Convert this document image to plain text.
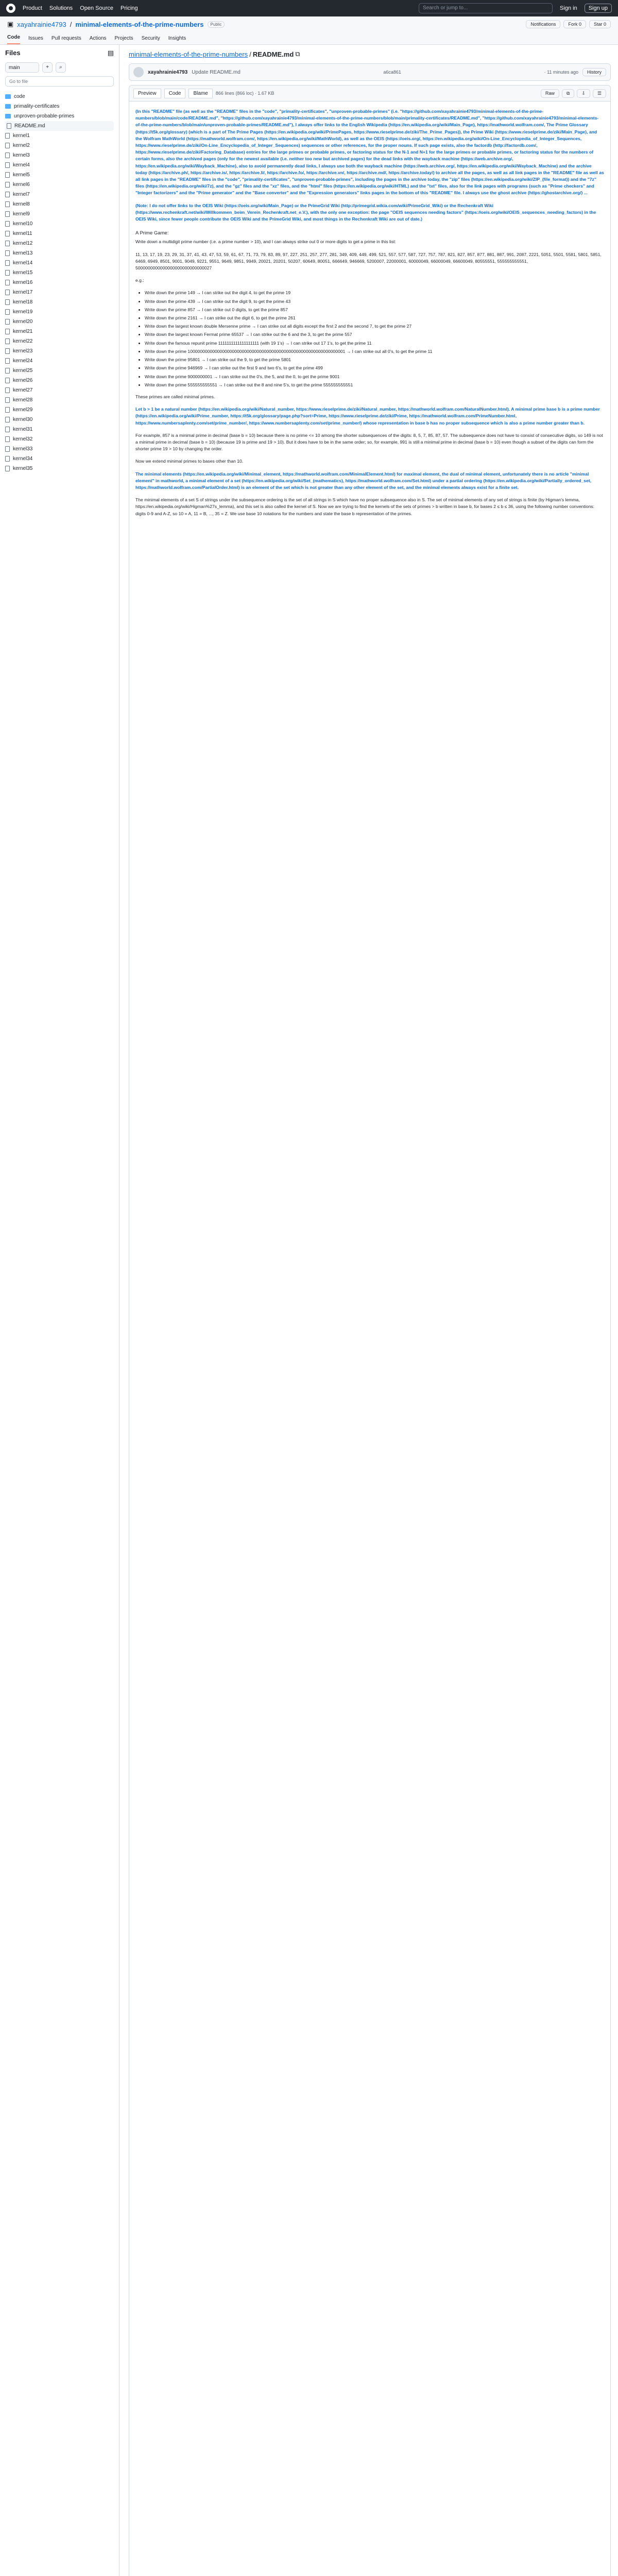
Product Solutions Open Source Pricing	Search or jump to...	Sign in	Sign up
▣ xayahrainie4793 / minimal-elements-of-the-prime-numbers	Public	Notifications	Fork 0	Star 0
Code Issues Pull requests Actions Projects Security Insights
Files	▤
main	+	⌕
Go to file
code
primality-certificates
unproven-probable-primes
README.md
kernel1
kernel2
kernel3
kernel4
kernel5
kernel6
kernel7
kernel8
kernel9
kernel10
kernel11
kernel12
kernel13
kernel14
kernel15
kernel16
kernel17
kernel18
kernel19
kernel20
kernel21
kernel22
kernel23
kernel24
kernel25
kernel26
kernel27
kernel28
kernel29
kernel30
kernel31
kernel32
kernel33
kernel34
kernel35
minimal-elements-of-the-prime-numbers / README.md ⧉
xayahrainie4793 Update README.md	a6ca861	· 11 minutes ago	History
Preview	Code	Blame	866 lines (866 loc) · 1.67 KB	Raw	⧉	⇩	☰

(In this "README" file (as well as the "README" files in the "code", "primality-certificates", "unproven-probable-primes" (i.e. "https://github.com/xayahrainie4793/minimal-elements-of-the-prime-numbers/blob/main/code/README.md", "https://github.com/xayahrainie4793/minimal-elements-of-the-prime-numbers/blob/main/primality-certificates/README.md", "https://github.com/xayahrainie4793/minimal-elements-of-the-prime-numbers/blob/main/unproven-probable-primes/README.md"), I always offer links to the English Wikipedia (https://en.wikipedia.org/wiki/Main_Page), https://mathworld.wolfram.com/, The Prime Glossary (https://t5k.org/glossary) (which is a part of The Prime Pages (https://en.wikipedia.org/wiki/PrimePages, https://www.rieselprime.de/ziki/The_Prime_Pages)), the Prime Wiki (https://www.rieselprime.de/ziki/Main_Page), and the Wolfram MathWorld (https://mathworld.wolfram.com/, https://en.wikipedia.org/wiki/MathWorld), as well as the OEIS (https://oeis.org/, https://en.wikipedia.org/wiki/On-Line_Encyclopedia_of_Integer_Sequences, https://www.rieselprime.de/ziki/On-Line_Encyclopedia_of_Integer_Sequences) sequences or other references, for the proper nouns. If such page exists, also the factordb (http://factordb.com/, https://www.rieselprime.de/ziki/Factoring_Database) entries for the large primes or probable primes, or factoring status for the N-1 and N+1 for the large primes or probable primes, or factoring status for the numbers of certain forms, also the archived pages (only for the newest available (i.e. neither too new but archived pages) for the dead links with the wayback machine (https://web.archive.org/, https://en.wikipedia.org/wiki/Wayback_Machine), also to avoid permanently dead links, I always use both the wayback machine (https://web.archive.org/, https://en.wikipedia.org/wiki/Wayback_Machine) and the archive today (https://archive.ph/, https://archive.is/, https://archive.li/, https://archive.fo/, https://archive.vn/, https://archive.md/, https://archive.today/) to archive all the pages, as well as all link pages in the "README" file as well as all link pages in the "README" files in the "code", "primality-certificates", "unproven-probable-primes", including the pages in the archive today, the "zip" files (https://en.wikipedia.org/wiki/ZIP_(file_format)) and the "7z" files (https://en.wikipedia.org/wiki/7z), and the "gz" files and the "xz" files, and the "html" files (https://en.wikipedia.org/wiki/HTML) and the "txt" files, also for the link pages with programs (such as "Prime checkers" and "Integer factorizers" and the "Prime generator" and the "Base converter" and the "Expression generators" links pages in the bottom of this "README" file. I always use the ghost archive (https://ghostarchive.org/) ...

(Note: I do not offer links to the OEIS Wiki (https://oeis.org/wiki/Main_Page) or the PrimeGrid Wiki (http://primegrid.wikia.com/wiki/PrimeGrid_Wiki) or the Rechenkraft Wiki (https://www.rechenkraft.net/wiki/Willkommen_beim_Verein_Rechenkraft.net_e.V.), with the only one exception: the page "OEIS sequences needing factors" (https://oeis.org/wiki/OEIS_sequences_needing_factors) in the OEIS Wiki, since fewer people contribute the OEIS Wiki and the PrimeGrid Wiki, and most things in the Rechenkraft Wiki are out of date.)

A Prime Game:

Write down a multidigit prime number (i.e. a prime number > 10), and I can always strike out 0 or more digits to get a prime in this list:

11, 13, 17, 19, 23, 29, 31, 37, 41, 43, 47, 53, 59, 61, 67, 71, 73, 79, 83, 89, 97, 227, 251, 257, 277, 281, 349, 409, 449, 499, 521, 557, 577, 587, 727, 757, 787, 821, 827, 857, 877, 881, 887, 991, 2087, 2221, 5051, 5501, 5581, 5801, 5851, 6469, 6949, 8501, 9001, 9049, 9221, 9551, 9649, 9851, 9949, 20021, 20201, 50207, 60649, 80051, 666649, 946669, 5200007, 22000001, 60000049, 66000049, 66600049, 80555551, 555555555551, 5000000000000000000000000000027

e.g.:

• Write down the prime 149 → I can strike out the digit 4, to get the prime 19
• Write down the prime 439 → I can strike out the digit 9, to get the prime 43
• Write down the prime 857 → I can strike out 0 digits, to get the prime 857
• Write down the prime 2161 → I can strike out the digit 6, to get the prime 261
• Write down the largest known double Mersenne prime → I can strike out all digits except the first 2 and the second 7, to get the prime 27
• Write down the largest known Fermat prime 65537 → I can strike out the 6 and the 3, to get the prime 557
• Write down the famous repunit prime 1111111111111111111 (with 19 1's) → I can strike out 17 1's, to get the prime 11
• Write down the prime 1000000000000000000000000000000000000000000000000000000000000001 → I can strike out all 0's, to get the prime 11
• Write down the prime 95801 → I can strike out the 9, to get the prime 5801
• Write down the prime 946969 → I can strike out the first 9 and two 6's, to get the prime 499
• Write down the prime 9000000001 → I can strike out the 0's, the 5, and the 0, to get the prime 9001
• Write down the prime 555555555551 → I can strike out the 8 and nine 5's, to get the prime 555555555551

These primes are called minimal primes.

Let b > 1 be a natural number (https://en.wikipedia.org/wiki/Natural_number, https://www.rieselprime.de/ziki/Natural_number, https://mathworld.wolfram.com/NaturalNumber.html). A minimal prime base b is a prime number (https://en.wikipedia.org/wiki/Prime_number, https://t5k.org/glossary/page.php?sort=Prime, https://www.rieselprime.de/ziki/Prime, https://mathworld.wolfram.com/PrimeNumber.html, https://www.numbersaplenty.com/set/prime_number/, https://www.numbersaplenty.com/set/prime_number/) whose representation in base b has no proper subsequence which is also a prime number greater than b.

For example, 857 is a minimal prime in decimal (base b = 10) because there is no prime <= 10 among the shorter subsequences of the digits: 8, 5, 7, 85, 87, 57. The subsequence does not have to consist of consecutive digits, so 149 is not a minimal prime in decimal (base b = 10) (because 19 is prime and 19 > 10). But it does have to be in the same order; so, for example, 991 is still a minimal prime in decimal (base b = 10) even though a subset of the digits can form the shorter prime 19 > 10 by changing the order.

Now we extend minimal primes to bases other than 10.

The minimal elements (https://en.wikipedia.org/wiki/Minimal_element, https://mathworld.wolfram.com/MinimalElement.html) for maximal element, the dual of minimal element, unfortunately there is no article "minimal element" in mathworld, a minimal element of a set (https://en.wikipedia.org/wiki/Set_(mathematics), https://mathworld.wolfram.com/Set.html) under a partial ordering (https://en.wikipedia.org/wiki/Partially_ordered_set, https://mathworld.wolfram.com/PartialOrder.html) is an element of the set which is not greater than any other element of the set, and the minimal elements always exist for a finite set.

The minimal elements of a set S of strings under the subsequence ordering is the set of all strings in S which have no proper subsequence also in S. The set of minimal elements of any set of strings is finite (by Higman's lemma, https://en.wikipedia.org/wiki/Higman%27s_lemma), and this set is also called the kernel of S. Now we are trying to find the kernels of the sets of primes > b written in base b, for bases 2 ≤ b ≤ 36, using the following number conventions: digits 0-9 and A-Z, so 10 = A, 11 = B, ..., 35 = Z. We use base 10 notations for the numbers and state the base b representation of the primes.
